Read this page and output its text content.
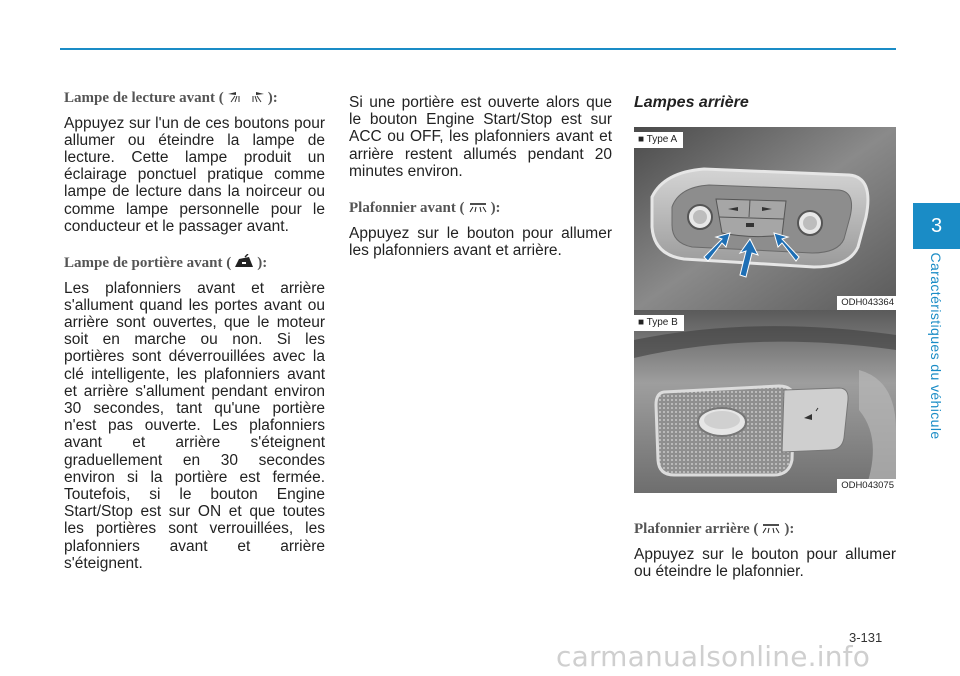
Lampe de lecture avant (	):

Appuyez sur l'un de ces boutons pour allumer ou éteindre la lampe de lecture. Cette lampe produit un éclairage ponctuel pratique comme lampe de lecture dans la noirceur ou comme lampe personnelle pour le conducteur et le passager avant.

Lampe de portière avant ( ):

Les plafonniers avant et arrière s'allument quand les portes avant ou arrière sont ouvertes, que le moteur soit en marche ou non. Si les portières sont déverrouillées avec la clé intelligente, les plafonniers avant et arrière s'allument pendant environ 30 secondes, tant qu'une portière n'est pas ouverte. Les plafonniers avant et arrière s'éteignent graduellement en 30 secondes environ si la portière est fermée. Toutefois, si le bouton Engine Start/Stop est sur ON et que toutes les portières sont verrouillées, les plafonniers avant et arrière s'éteignent.

Si une portière est ouverte alors que le bouton Engine Start/Stop est sur ACC ou OFF, les plafonniers avant et arrière restent allumés pendant 20 minutes environ.

Plafonnier avant ( ):

Appuyez sur le bouton pour allumer les plafonniers avant et arrière.

Lampes arrière
■ Type A
ODH043364
■ Type B
ODH043075
Plafonnier arrière ( ):

Appuyez sur le bouton pour allumer ou éteindre le plafonnier.

3
Caractéristiques du véhicule
3-131
carmanualsonline.info
